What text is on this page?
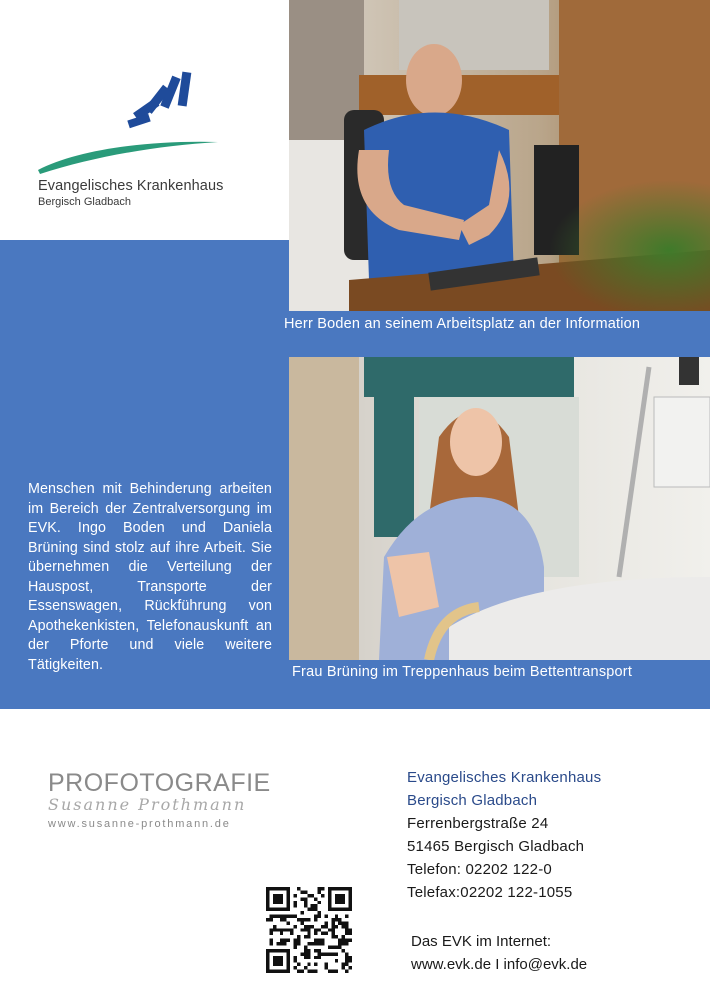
Evangelisches Krankenhaus
Bergisch Gladbach
Herr Boden an seinem Arbeitsplatz an der Information
Frau Brüning im Treppenhaus beim Bettentransport
Menschen mit Behinderung arbeiten im Bereich der Zentralversorgung im EVK. Ingo Boden und Daniela Brüning sind stolz auf ihre Arbeit. Sie übernehmen die Verteilung der Hauspost, Transporte der Essenswagen, Rückführung von Apothekenkisten, Telefonauskunft an der Pforte und viele weitere Tätigkeiten.
PROFOTOGRAFIE
Susanne Prothmann
www.susanne-prothmann.de
Evangelisches Krankenhaus
Bergisch Gladbach
Ferrenbergstraße 24
51465 Bergisch Gladbach
Telefon: 02202 122-0
Telefax:02202 122-1055
Das EVK im Internet:
www.evk.de I info@evk.de
